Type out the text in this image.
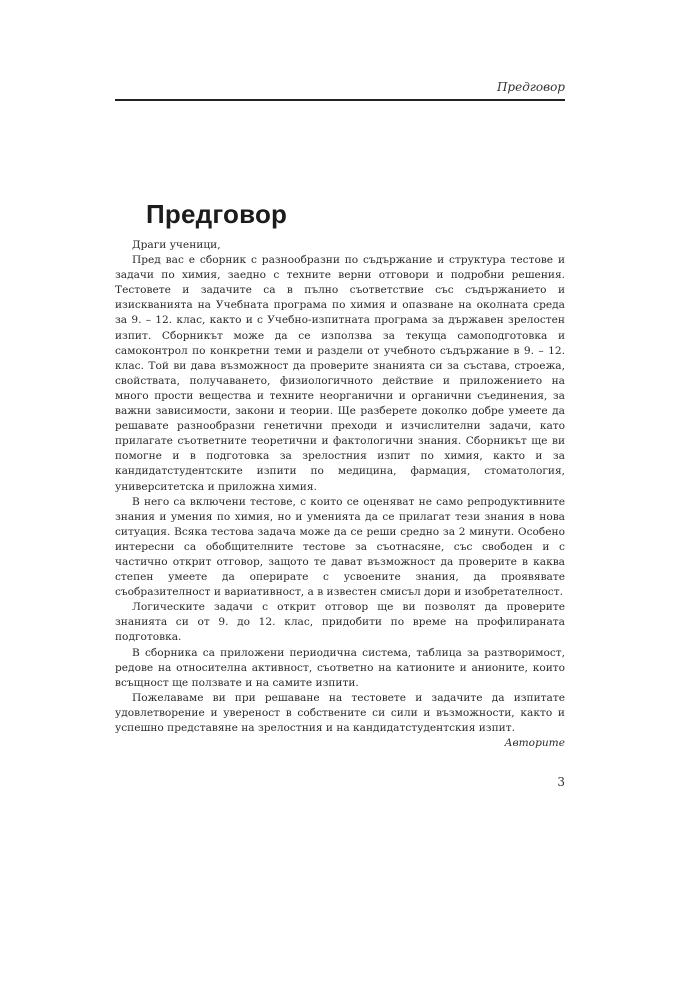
Предговор
Предговор

Драги ученици,

Пред вас е сборник с разнообразни по съдържание и структура тестове и задачи по химия, заедно с техните верни отговори и подробни решения. Тестовете и задачите са в пълно съответствие със съдържанието и изискванията на Учебната програма по химия и опазване на околната среда за 9. – 12. клас, както и с Учебно-изпитната програма за държавен зрелостен изпит. Сборникът може да се използва за текуща самоподготовка и самоконтрол по конкретни теми и раздели от учебното съдържание в 9. – 12. клас. Той ви дава възможност да проверите знанията си за състава, строежа, свойствата, получаването, физиологичното действие и приложението на много прости вещества и техните неорганични и органични съединения, за важни зависимости, закони и теории. Ще разберете доколко добре умеете да решавате разнообразни генетични преходи и изчислителни задачи, като прилагате съответните теоретични и фактологични знания. Сборникът ще ви помогне и в подготовка за зрелостния изпит по химия, както и за кандидатстудентските изпити по медицина, фармация, стоматология, университетска и приложна химия.

В него са включени тестове, с които се оценяват не само репродуктивните знания и умения по химия, но и уменията да се прилагат тези знания в нова ситуация. Всяка тестова задача може да се реши средно за 2 минути. Особено интересни са обобщителните тестове за съотнасяне, със свободен и с частично открит отговор, защото те дават възможност да проверите в каква степен умеете да оперирате с усвоените знания, да проявявате съобразителност и вариативност, а в известен смисъл дори и изобретателност.

Логическите задачи с открит отговор ще ви позволят да проверите знанията си от 9. до 12. клас, придобити по време на профилираната подготовка.

В сборника са приложени периодична система, таблица за разтворимост, редове на относителна активност, съответно на катионите и анионите, които всъщност ще ползвате и на самите изпити.

Пожелаваме ви при решаване на тестовете и задачите да изпитате удовлетворение и увереност в собствените си сили и възможности, както и успешно представяне на зрелостния и на кандидатстудентския изпит.

Авторите

3
